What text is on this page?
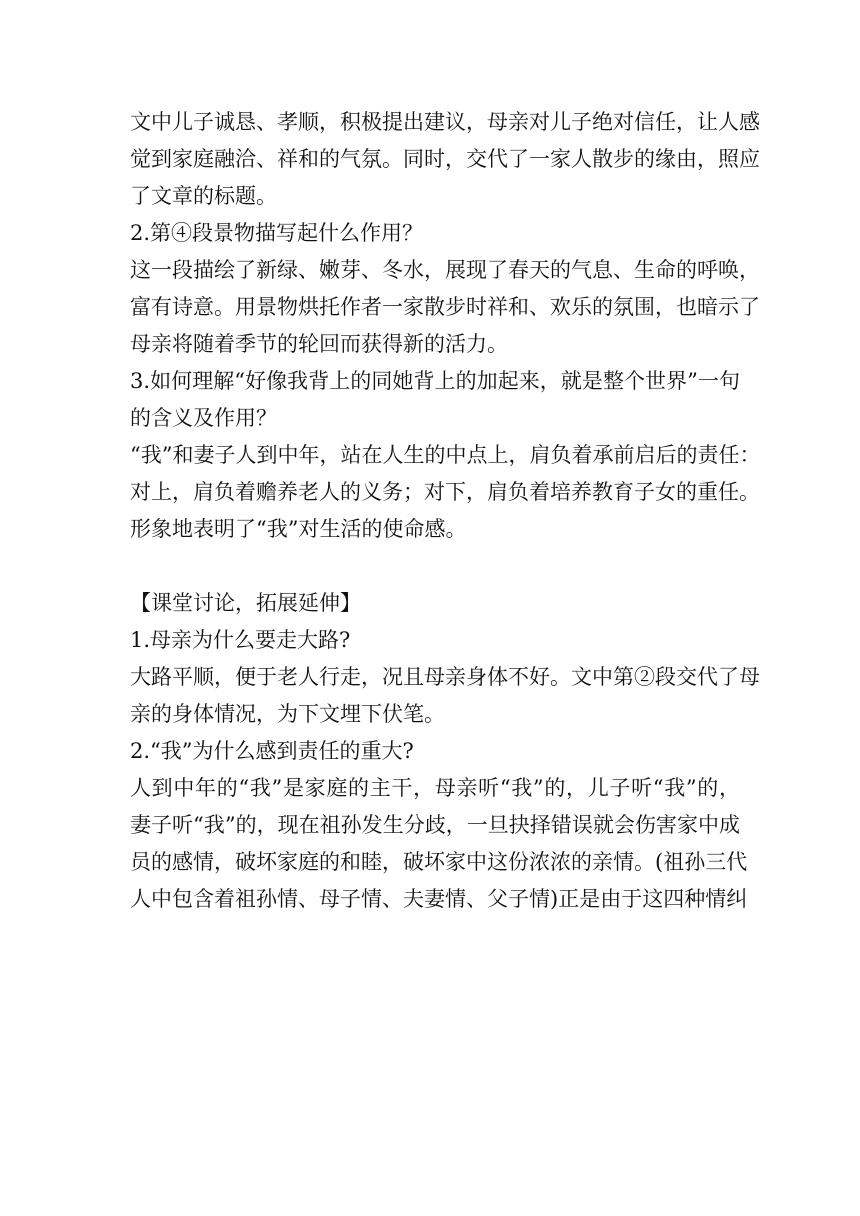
文中儿子诚恳、孝顺，积极提出建议，母亲对儿子绝对信任，让人感
觉到家庭融洽、祥和的气氛。同时，交代了一家人散步的缘由，照应
了文章的标题。
2.第④段景物描写起什么作用？
这一段描绘了新绿、嫩芽、冬水，展现了春天的气息、生命的呼唤，
富有诗意。用景物烘托作者一家散步时祥和、欢乐的氛围，也暗示了
母亲将随着季节的轮回而获得新的活力。
3.如何理解“好像我背上的同她背上的加起来，就是整个世界”一句
的含义及作用？
“我”和妻子人到中年，站在人生的中点上，肩负着承前启后的责任：
对上，肩负着赡养老人的义务；对下，肩负着培养教育子女的重任。
形象地表明了“我”对生活的使命感。
【课堂讨论，拓展延伸】
1.母亲为什么要走大路?
大路平顺，便于老人行走，况且母亲身体不好。文中第②段交代了母
亲的身体情况，为下文埋下伏笔。
2.“我”为什么感到责任的重大?
人到中年的“我”是家庭的主干，母亲听“我”的，儿子听“我”的，
妻子听“我”的，现在祖孙发生分歧，一旦抉择错误就会伤害家中成
员的感情，破坏家庭的和睦，破坏家中这份浓浓的亲情。(祖孙三代
人中包含着祖孙情、母子情、夫妻情、父子情)正是由于这四种情纠
